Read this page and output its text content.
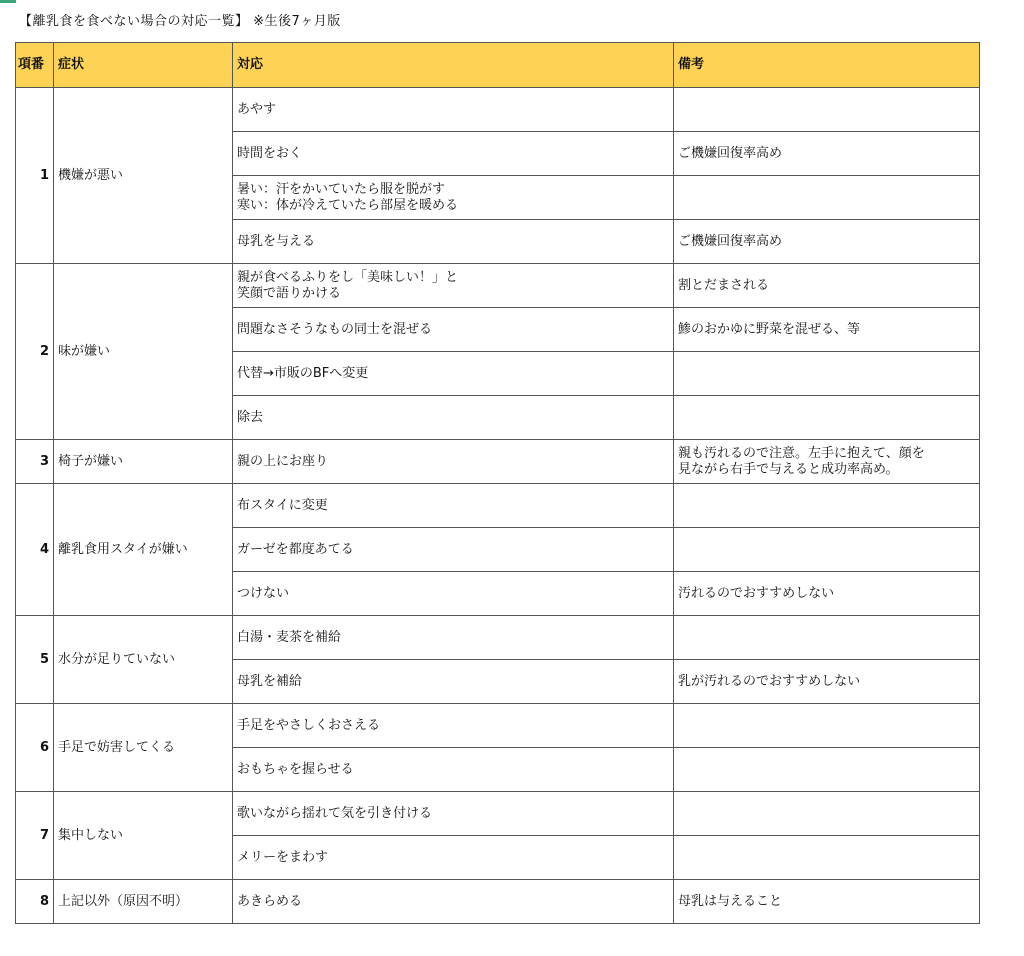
【離乳食を食べない場合の対応一覧】 ※生後7ヶ月版
項番	症状	対応	備考
1	機嫌が悪い	あやす	
		時間をおく	ご機嫌回復率高め
		暑い：汗をかいていたら服を脱がす
寒い：体が冷えていたら部屋を暖める	
		母乳を与える	ご機嫌回復率高め
2	味が嫌い	親が食べるふりをし「美味しい！」と
笑顔で語りかける	割とだまされる
		問題なさそうなもの同士を混ぜる	鯵のおかゆに野菜を混ぜる、等
		代替→市販のBFへ変更	
		除去	
3	椅子が嫌い	親の上にお座り	親も汚れるので注意。左手に抱えて、顔を
見ながら右手で与えると成功率高め。
4	離乳食用スタイが嫌い	布スタイに変更	
		ガーゼを都度あてる	
		つけない	汚れるのでおすすめしない
5	水分が足りていない	白湯・麦茶を補給	
		母乳を補給	乳が汚れるのでおすすめしない
6	手足で妨害してくる	手足をやさしくおさえる	
		おもちゃを握らせる	
7	集中しない	歌いながら揺れて気を引き付ける	
		メリーをまわす	
8	上記以外（原因不明）	あきらめる	母乳は与えること
